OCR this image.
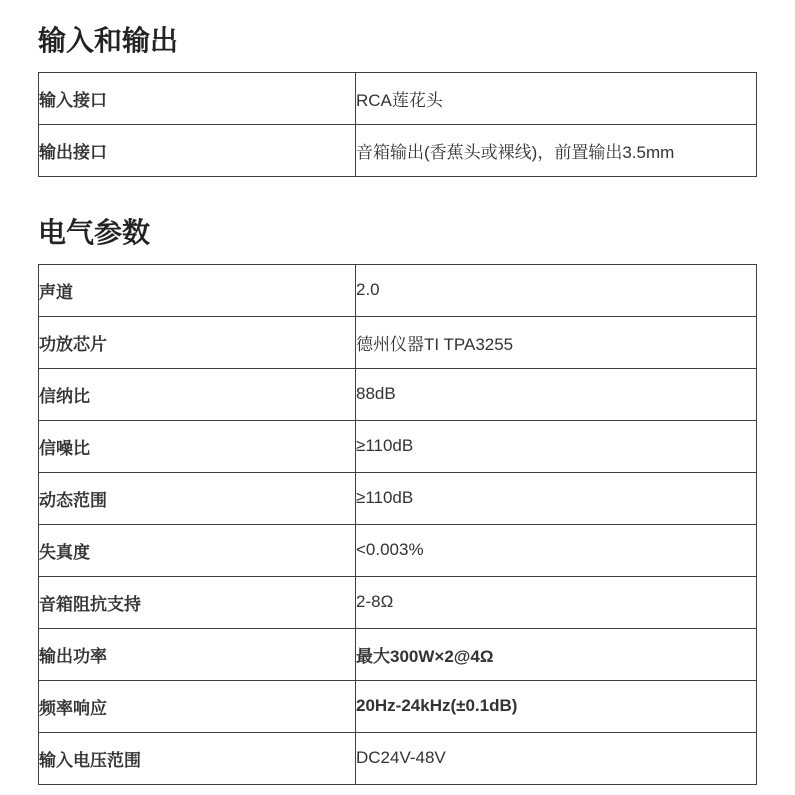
输入和输出
输入接口	RCA莲花头
输出接口	音箱输出(香蕉头或裸线)，前置输出3.5mm
电气参数
声道	2.0
功放芯片	德州仪器TI TPA3255
信纳比	88dB
信噪比	≥110dB
动态范围	≥110dB
失真度	<0.003%
音箱阻抗支持	2-8Ω
输出功率	最大300W×2@4Ω
频率响应	20Hz-24kHz(±0.1dB)
输入电压范围	DC24V-48V
